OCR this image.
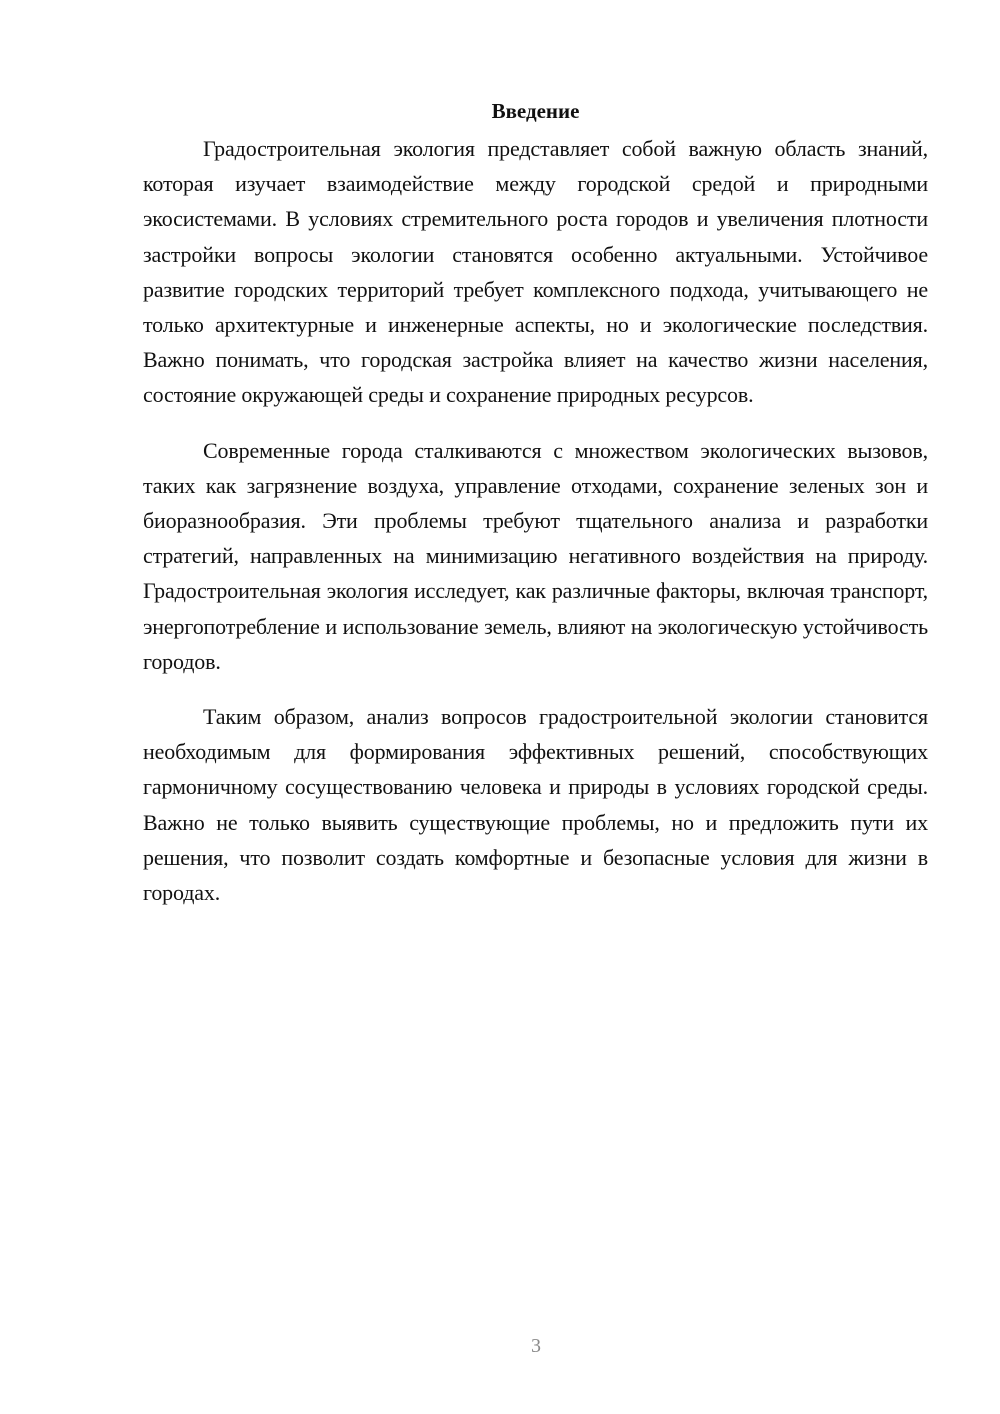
Введение

Градостроительная экология представляет собой важную область знаний, которая изучает взаимодействие между городской средой и природными экосистемами. В условиях стремительного роста городов и увеличения плотности застройки вопросы экологии становятся особенно актуальными. Устойчивое развитие городских территорий требует комплексного подхода, учитывающего не только архитектурные и инженерные аспекты, но и экологические последствия. Важно понимать, что городская застройка влияет на качество жизни населения, состояние окружающей среды и сохранение природных ресурсов.

Современные города сталкиваются с множеством экологических вызовов, таких как загрязнение воздуха, управление отходами, сохранение зеленых зон и биоразнообразия. Эти проблемы требуют тщательного анализа и разработки стратегий, направленных на минимизацию негативного воздействия на природу. Градостроительная экология исследует, как различные факторы, включая транспорт, энергопотребление и использование земель, влияют на экологическую устойчивость городов.

Таким образом, анализ вопросов градостроительной экологии становится необходимым для формирования эффективных решений, способствующих гармоничному сосуществованию человека и природы в условиях городской среды. Важно не только выявить существующие проблемы, но и предложить пути их решения, что позволит создать комфортные и безопасные условия для жизни в городах.

3
